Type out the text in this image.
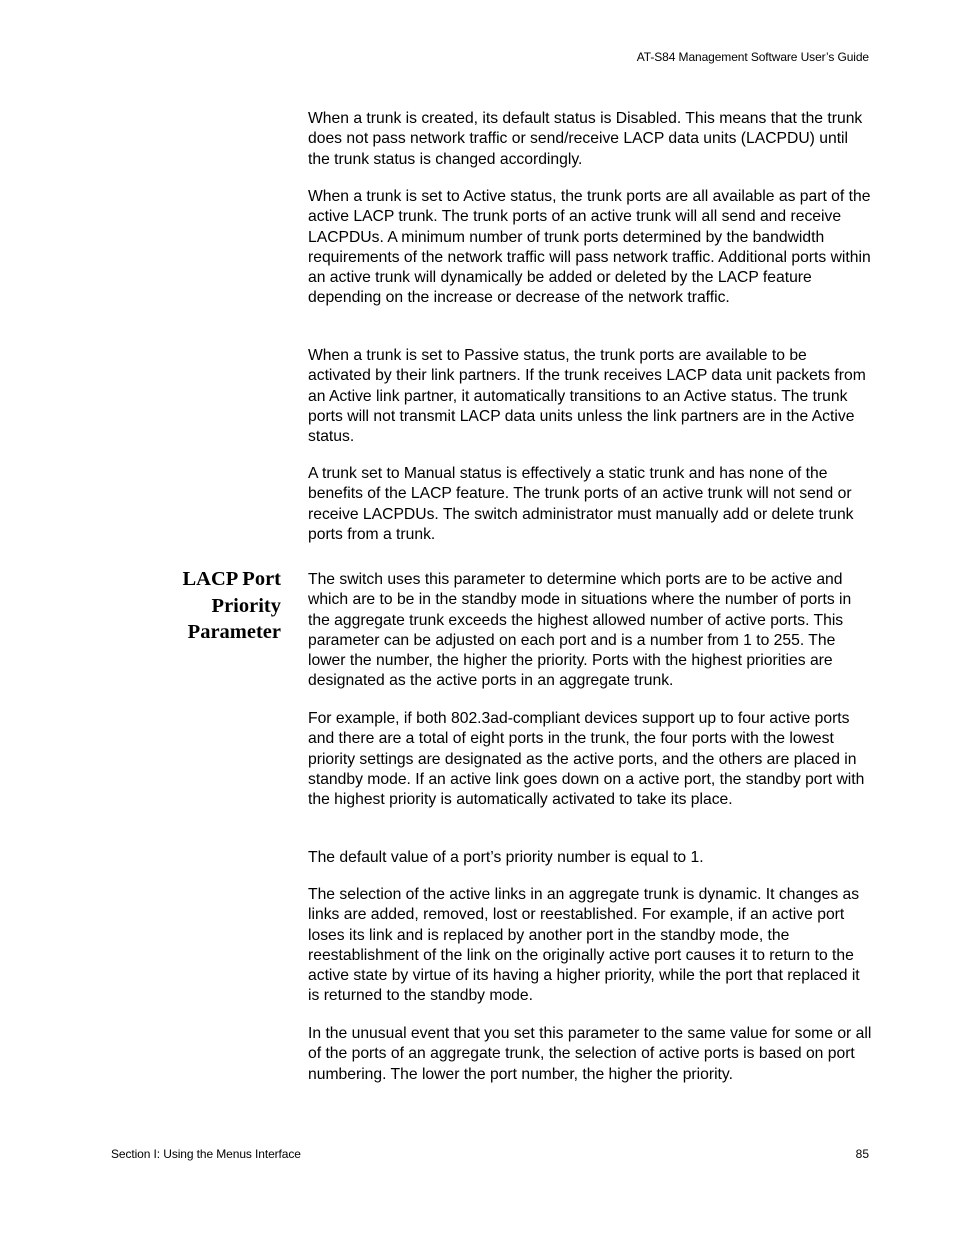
AT-S84 Management Software User’s Guide

When a trunk is created, its default status is Disabled. This means that the trunk does not pass network traffic or send/receive LACP data units (LACPDU) until the trunk status is changed accordingly.

When a trunk is set to Active status, the trunk ports are all available as part of the active LACP trunk. The trunk ports of an active trunk will all send and receive LACPDUs. A minimum number of trunk ports determined by the bandwidth requirements of the network traffic will pass network traffic. Additional ports within an active trunk will dynamically be added or deleted by the LACP feature depending on the increase or decrease of the network traffic.

When a trunk is set to Passive status, the trunk ports are available to be activated by their link partners. If the trunk receives LACP data unit packets from an Active link partner, it automatically transitions to an Active status. The trunk ports will not transmit LACP data units unless the link partners are in the Active status.

A trunk set to Manual status is effectively a static trunk and has none of the benefits of the LACP feature. The trunk ports of an active trunk will not send or receive LACPDUs. The switch administrator must manually add or delete trunk ports from a trunk.

LACP Port
Priority
Parameter

The switch uses this parameter to determine which ports are to be active and which are to be in the standby mode in situations where the number of ports in the aggregate trunk exceeds the highest allowed number of active ports. This parameter can be adjusted on each port and is a number from 1 to 255. The lower the number, the higher the priority. Ports with the highest priorities are designated as the active ports in an aggregate trunk.

For example, if both 802.3ad-compliant devices support up to four active ports and there are a total of eight ports in the trunk, the four ports with the lowest priority settings are designated as the active ports, and the others are placed in standby mode. If an active link goes down on a active port, the standby port with the highest priority is automatically activated to take its place.

The default value of a port’s priority number is equal to 1.

The selection of the active links in an aggregate trunk is dynamic. It changes as links are added, removed, lost or reestablished. For example, if an active port loses its link and is replaced by another port in the standby mode, the reestablishment of the link on the originally active port causes it to return to the active state by virtue of its having a higher priority, while the port that replaced it is returned to the standby mode.

In the unusual event that you set this parameter to the same value for some or all of the ports of an aggregate trunk, the selection of active ports is based on port numbering. The lower the port number, the higher the priority.

Section I: Using the Menus Interface	85
